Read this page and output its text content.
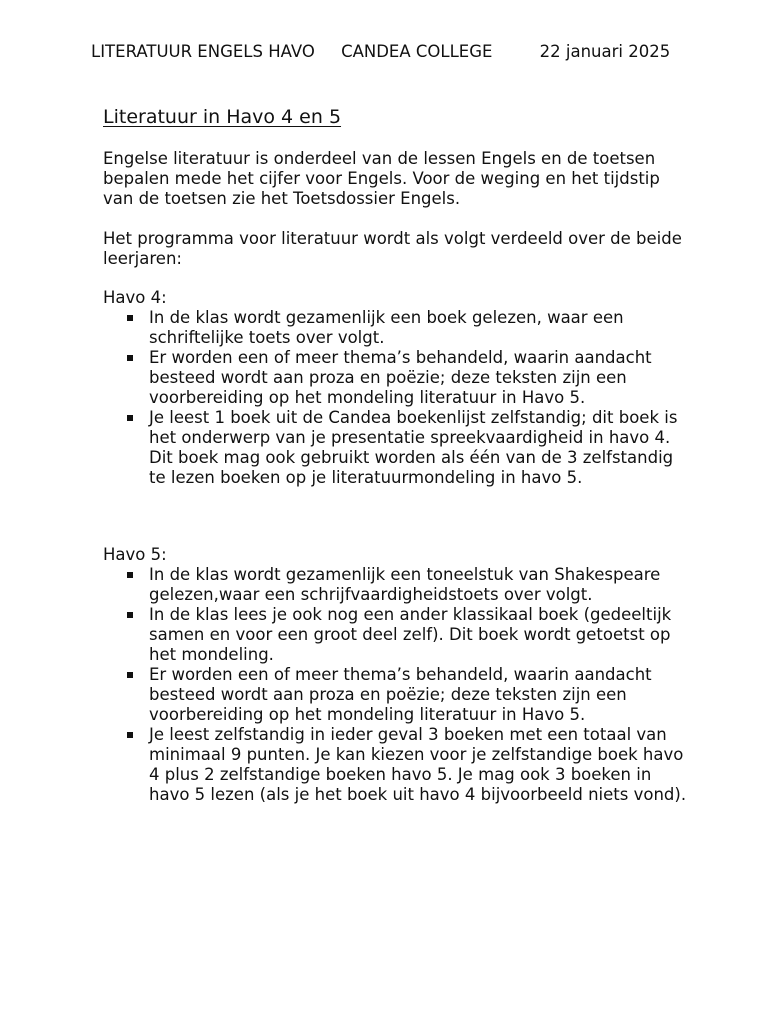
LITERATUUR ENGELS HAVO CANDEA COLLEGE	22 januari 2025
Literatuur in Havo 4 en 5
Engelse literatuur is onderdeel van de lessen Engels en de toetsen bepalen mede het cijfer voor Engels. Voor de weging en het tijdstip van de toetsen zie het Toetsdossier Engels.
Het programma voor literatuur wordt als volgt verdeeld over de beide leerjaren:
Havo 4:
In de klas wordt gezamenlijk een boek gelezen, waar een schriftelijke toets over volgt.
Er worden een of meer thema’s behandeld, waarin aandacht besteed wordt aan proza en poëzie; deze teksten zijn een voorbereiding op het mondeling literatuur in Havo 5.
Je leest 1 boek uit de Candea boekenlijst zelfstandig; dit boek is het onderwerp van je presentatie spreekvaardigheid in havo 4. Dit boek mag ook gebruikt worden als één van de 3 zelfstandig te lezen boeken op je literatuurmondeling in havo 5.
Havo 5:
In de klas wordt gezamenlijk een toneelstuk van Shakespeare gelezen,waar een schrijfvaardigheidstoets over volgt.
In de klas lees je ook nog een ander klassikaal boek (gedeeltijk samen en voor een groot deel zelf). Dit boek wordt getoetst op het mondeling.
Er worden een of meer thema’s behandeld, waarin aandacht besteed wordt aan proza en poëzie; deze teksten zijn een voorbereiding op het mondeling literatuur in Havo 5.
Je leest zelfstandig in ieder geval 3 boeken met een totaal van minimaal 9 punten. Je kan kiezen voor je zelfstandige boek havo 4 plus 2 zelfstandige boeken havo 5. Je mag ook 3 boeken in havo 5 lezen (als je het boek uit havo 4 bijvoorbeeld niets vond).
